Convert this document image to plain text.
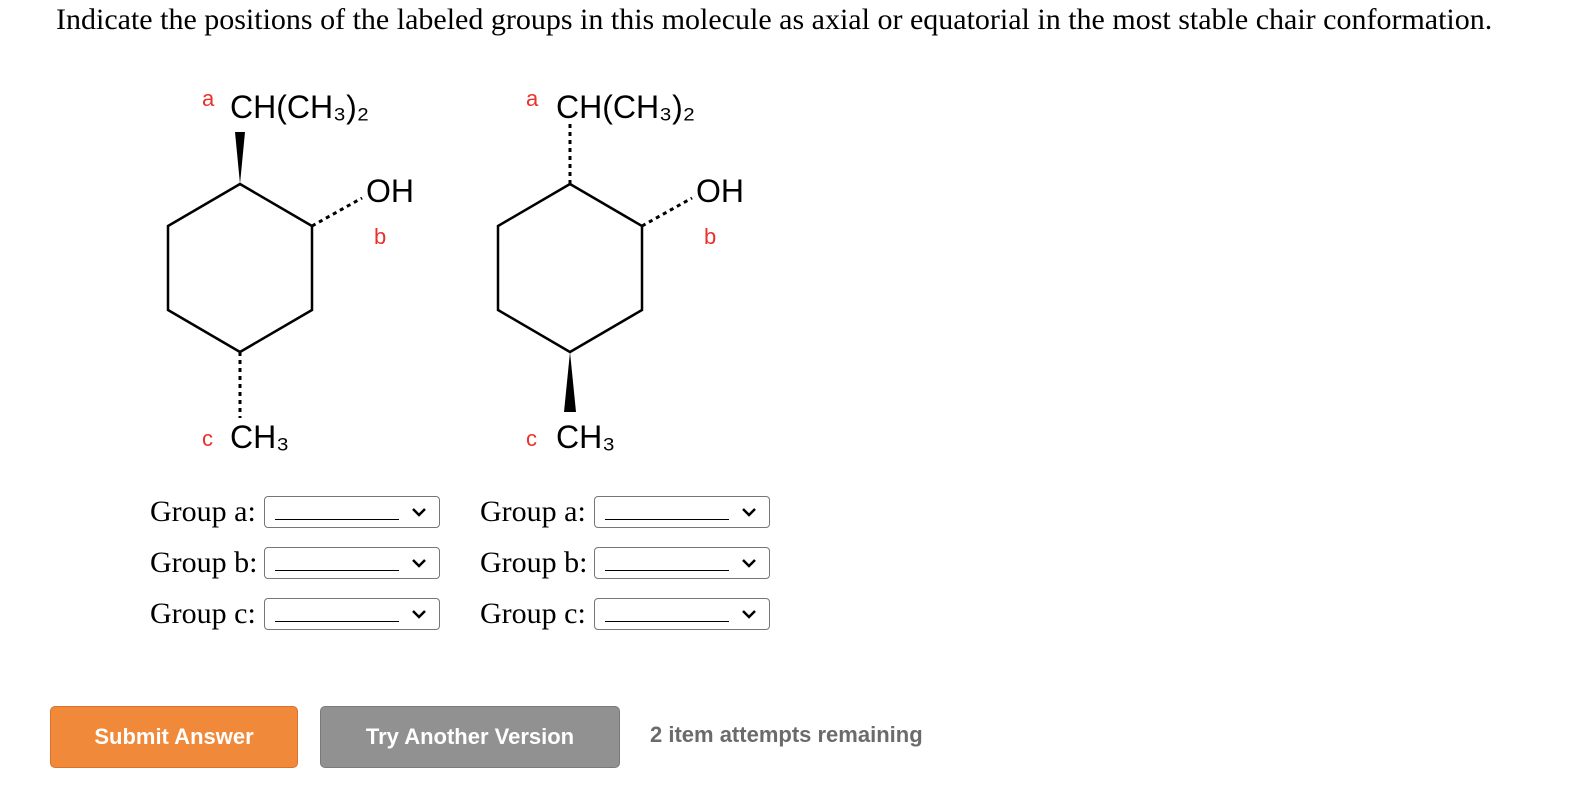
Indicate the positions of the labeled groups in this molecule as axial or equatorial in the most stable chair conformation.
a CH(CH₃)₂
OH
b
c CH₃
a CH(CH₃)₂
OH
b
c CH₃
Group a:
Group b:
Group c:
Group a:
Group b:
Group c:
Submit Answer	Try Another Version	2 item attempts remaining
